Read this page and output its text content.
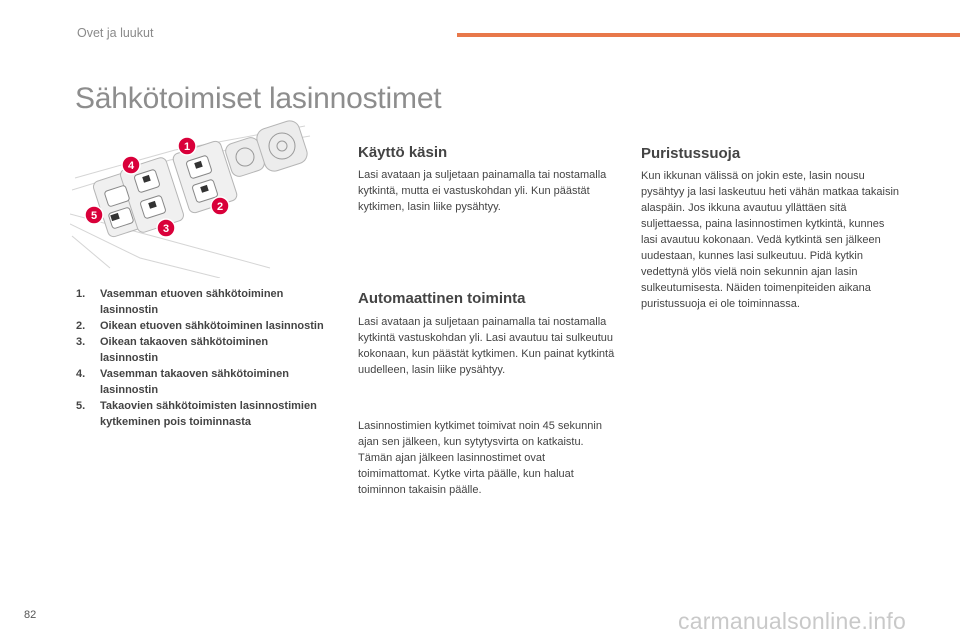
Ovet ja luukut
Sähkötoimiset lasinnostimet
1
2
3
4
5
1. Vasemman etuoven sähkötoiminen lasinnostin
2. Oikean etuoven sähkötoiminen lasinnostin
3. Oikean takaoven sähkötoiminen lasinnostin
4. Vasemman takaoven sähkötoiminen lasinnostin
5. Takaovien sähkötoimisten lasinnostimien kytkeminen pois toiminnasta
Käyttö käsin

Lasi avataan ja suljetaan painamalla tai nostamalla kytkintä, mutta ei vastuskohdan yli. Kun päästät kytkimen, lasin liike pysähtyy.

Automaattinen toiminta

Lasi avataan ja suljetaan painamalla tai nostamalla kytkintä vastuskohdan yli. Lasi avautuu tai sulkeutuu kokonaan, kun päästät kytkimen. Kun painat kytkintä uudelleen, lasin liike pysähtyy.

Lasinnostimien kytkimet toimivat noin 45 sekunnin ajan sen jälkeen, kun sytytysvirta on katkaistu. Tämän ajan jälkeen lasinnostimet ovat toimimattomat. Kytke virta päälle, kun haluat toiminnon takaisin päälle.

Puristussuoja

Kun ikkunan välissä on jokin este, lasin nousu pysähtyy ja lasi laskeutuu heti vähän matkaa takaisin alaspäin. Jos ikkuna avautuu yllättäen sitä suljettaessa, paina lasinnostimen kytkintä, kunnes lasi avautuu kokonaan. Vedä kytkintä sen jälkeen uudestaan, kunnes lasi sulkeutuu. Pidä kytkin vedettynä ylös vielä noin sekunnin ajan lasin sulkeutumisesta. Näiden toimenpiteiden aikana puristussuoja ei ole toiminnassa.

82	carmanualsonline.info
